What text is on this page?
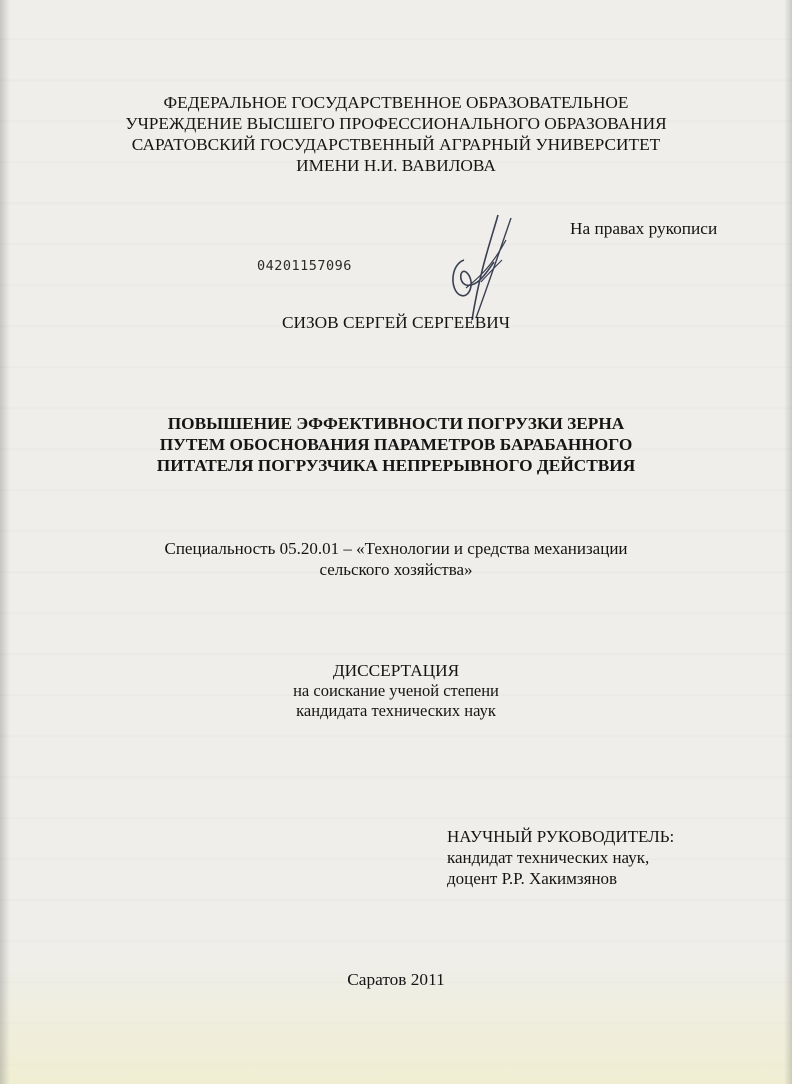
ФЕДЕРАЛЬНОЕ ГОСУДАРСТВЕННОЕ ОБРАЗОВАТЕЛЬНОЕ
УЧРЕЖДЕНИЕ ВЫСШЕГО ПРОФЕССИОНАЛЬНОГО ОБРАЗОВАНИЯ
САРАТОВСКИЙ ГОСУДАРСТВЕННЫЙ АГРАРНЫЙ УНИВЕРСИТЕТ
ИМЕНИ Н.И. ВАВИЛОВА
На правах рукописи
04201157096
СИЗОВ СЕРГЕЙ СЕРГЕЕВИЧ
ПОВЫШЕНИЕ ЭФФЕКТИВНОСТИ ПОГРУЗКИ ЗЕРНА
ПУТЕМ ОБОСНОВАНИЯ ПАРАМЕТРОВ БАРАБАННОГО
ПИТАТЕЛЯ ПОГРУЗЧИКА НЕПРЕРЫВНОГО ДЕЙСТВИЯ
Специальность 05.20.01 – «Технологии и средства механизации
сельского хозяйства»
ДИССЕРТАЦИЯ
на соискание ученой степени
кандидата технических наук
НАУЧНЫЙ РУКОВОДИТЕЛЬ:
кандидат технических наук,
доцент Р.Р. Хакимзянов
Саратов 2011
